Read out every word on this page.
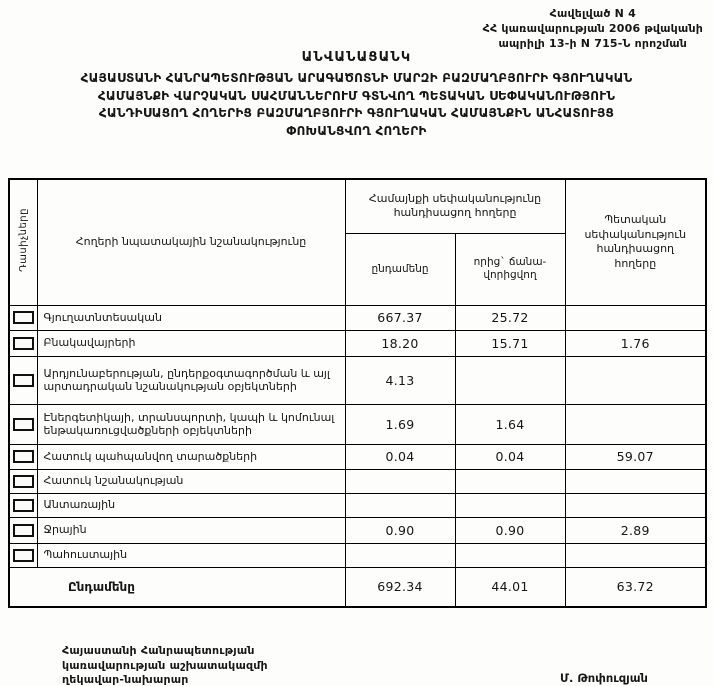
Հավելված N 4
ՀՀ կառավարության 2006 թվականի
ապրիլի 13-ի N 715-Ն որոշման
ԱՆՎԱՆԱՑԱՆԿ
ՀԱՅԱՍՏԱՆԻ ՀԱՆՐԱՊԵՏՈՒԹՅԱՆ ԱՐԱԳԱԾՈՏՆԻ ՄԱՐԶԻ ԲԱԶՄԱՂԲՅՈՒՐԻ ԳՅՈՒՂԱԿԱՆ
ՀԱՄԱՅՆՔԻ ՎԱՐՉԱԿԱՆ ՍԱՀՄԱՆՆԵՐՈՒՄ ԳՏՆՎՈՂ ՊԵՏԱԿԱՆ ՍԵՓԱԿԱՆՈՒԹՅՈՒՆ
ՀԱՆԴԻՍԱՑՈՂ ՀՈՂԵՐԻՑ ԲԱԶՄԱՂԲՅՈՒՐԻ ԳՅՈՒՂԱԿԱՆ ՀԱՄԱՅՆՔԻՆ ԱՆՀԱՏՈՒՅՑ
ՓՈԽԱՆՑՎՈՂ ՀՈՂԵՐԻ
Դասիչները	Հողերի նպատակային նշանակությունը	Համայնքի սեփականությունը հանդիսացող հողերը		Պետական սեփականություն հանդիսացող հողերը
		ընդամենը	որից` ճանա-վորիցվող	

	Գյուղատնտեսական	667.37	25.72	

	Բնակավայրերի	18.20	15.71	1.76

	Արդյունաբերության, ընդերքօգտագործման և այլ արտադրական նշանակության օբյեկտների	4.13		

	Էներգետիկայի, տրանսպորտի, կապի և կոմունալ ենթակառուցվածքների օբյեկտների	1.69	1.64	

	Հատուկ պահպանվող տարածքների	0.04	0.04	59.07

	Հատուկ նշանակության			

	Անտառային			

	Ջրային	0.90	0.90	2.89

	Պահուստային			
Ընդամենը		692.34	44.01	63.72
Հայաստանի Հանրապետության
կառավարության աշխատակազմի
ղեկավար-նախարար	Մ. Թոփուզյան
